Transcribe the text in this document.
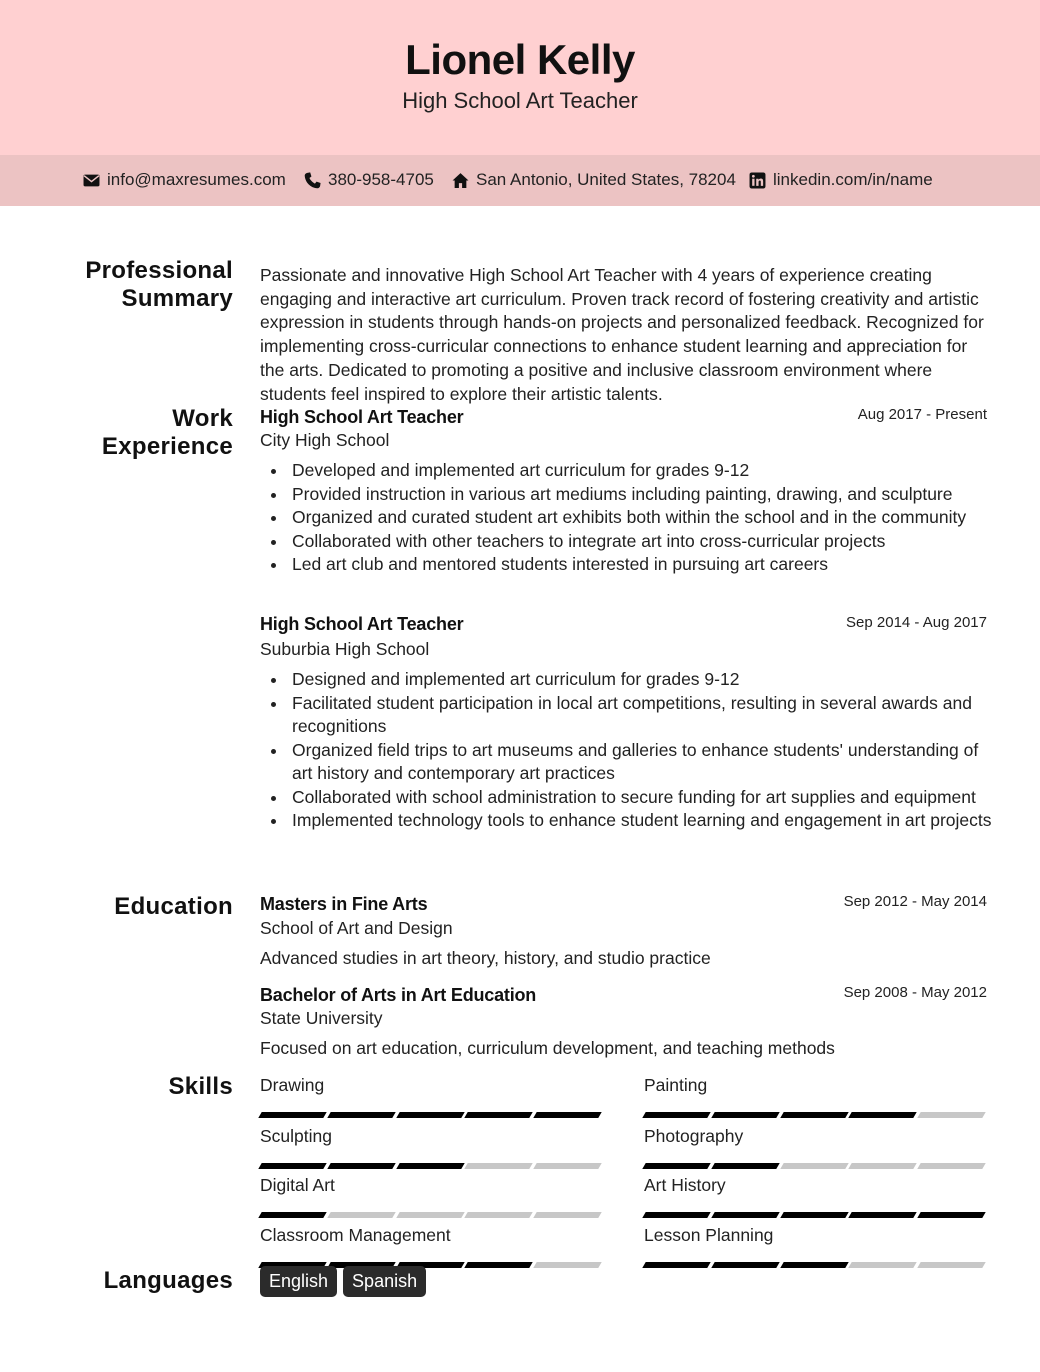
Lionel Kelly
High School Art Teacher
info@maxresumes.com 380-958-4705 San Antonio, United States, 78204 linkedin.com/in/name
Professional
Summary
Passionate and innovative High School Art Teacher with 4 years of experience creating engaging and interactive art curriculum. Proven track record of fostering creativity and artistic expression in students through hands-on projects and personalized feedback. Recognized for implementing cross-curricular connections to enhance student learning and appreciation for the arts. Dedicated to promoting a positive and inclusive classroom environment where students feel inspired to explore their artistic talents.
Work
Experience
High School Art Teacher	Aug 2017 - Present
City High School
Developed and implemented art curriculum for grades 9-12
Provided instruction in various art mediums including painting, drawing, and sculpture
Organized and curated student art exhibits both within the school and in the community
Collaborated with other teachers to integrate art into cross-curricular projects
Led art club and mentored students interested in pursuing art careers
High School Art Teacher	Sep 2014 - Aug 2017
Suburbia High School
Designed and implemented art curriculum for grades 9-12
Facilitated student participation in local art competitions, resulting in several awards and recognitions
Organized field trips to art museums and galleries to enhance students' understanding of art history and contemporary art practices
Collaborated with school administration to secure funding for art supplies and equipment
Implemented technology tools to enhance student learning and engagement in art projects
Education Masters in Fine Arts	Sep 2012 - May 2014
School of Art and Design
Advanced studies in art theory, history, and studio practice
Bachelor of Arts in Art Education	Sep 2008 - May 2012
State University
Focused on art education, curriculum development, and teaching methods
Skills Drawing	Painting
Sculpting	Photography
Digital Art	Art History
Classroom Management	Lesson Planning
Languages	English	Spanish
